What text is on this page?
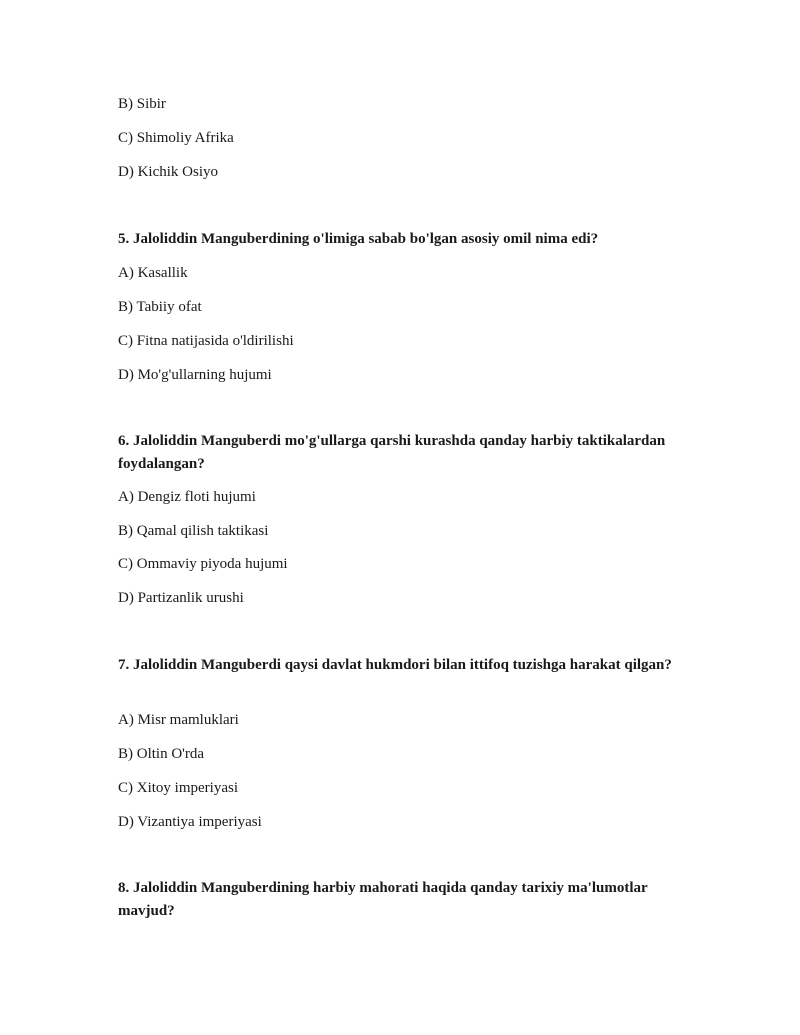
B) Sibir
C) Shimoliy Afrika
D) Kichik Osiyo
5. Jaloliddin Manguberdining o'limiga sabab bo'lgan asosiy omil nima edi?
A) Kasallik
B) Tabiiy ofat
C) Fitna natijasida o'ldirilishi
D) Mo'g'ullarning hujumi
6. Jaloliddin Manguberdi mo'g'ullarga qarshi kurashda qanday harbiy taktikalardan foydalangan?
A) Dengiz floti hujumi
B) Qamal qilish taktikasi
C) Ommaviy piyoda hujumi
D) Partizanlik urushi
7. Jaloliddin Manguberdi qaysi davlat hukmdori bilan ittifoq tuzishga harakat qilgan?
A) Misr mamluklari
B) Oltin O'rda
C) Xitoy imperiyasi
D) Vizantiya imperiyasi
8. Jaloliddin Manguberdining harbiy mahorati haqida qanday tarixiy ma'lumotlar mavjud?
